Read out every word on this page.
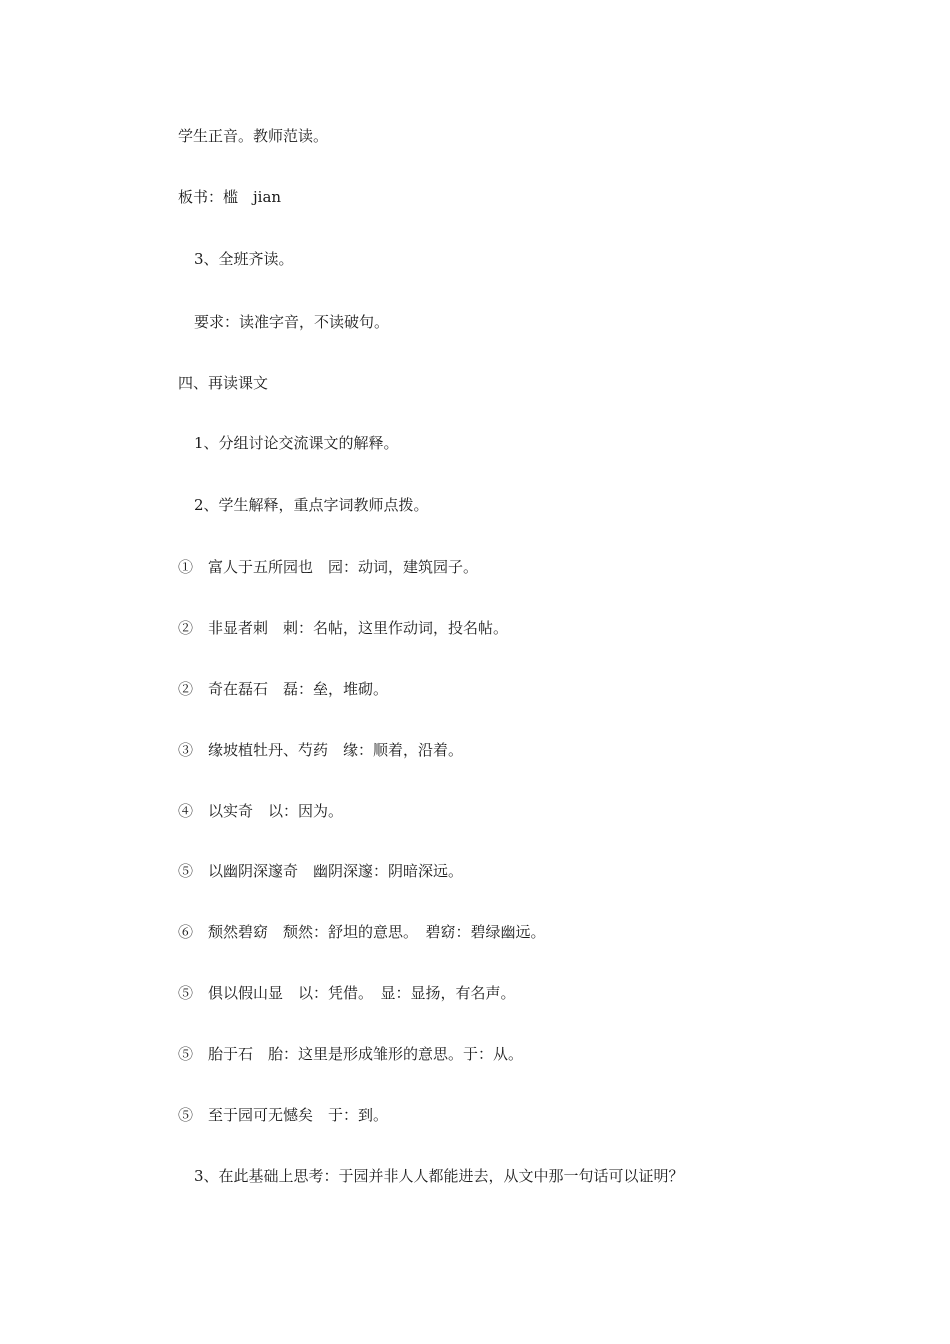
学生正音。教师范读。
板书：槛　jian
3、全班齐读。
要求：读准字音，不读破句。
四、再读课文
1、分组讨论交流课文的解释。
2、学生解释，重点字词教师点拨。
①　富人于五所园也　园：动词，建筑园子。
②　非显者刺　刺：名帖，这里作动词，投名帖。
②　奇在磊石　磊：垒，堆砌。
③　缘坡植牡丹、芍药　缘：顺着，沿着。
④　以实奇　以：因为。
⑤　以幽阴深邃奇　幽阴深邃：阴暗深远。
⑥　颓然碧窈　颓然：舒坦的意思。　碧窈：碧绿幽远。
⑤　俱以假山显　以：凭借。　显：显扬，有名声。
⑤　胎于石　胎：这里是形成雏形的意思。于：从。
⑤　至于园可无憾矣　于：到。
3、在此基础上思考：于园并非人人都能进去，从文中那一句话可以证明？
